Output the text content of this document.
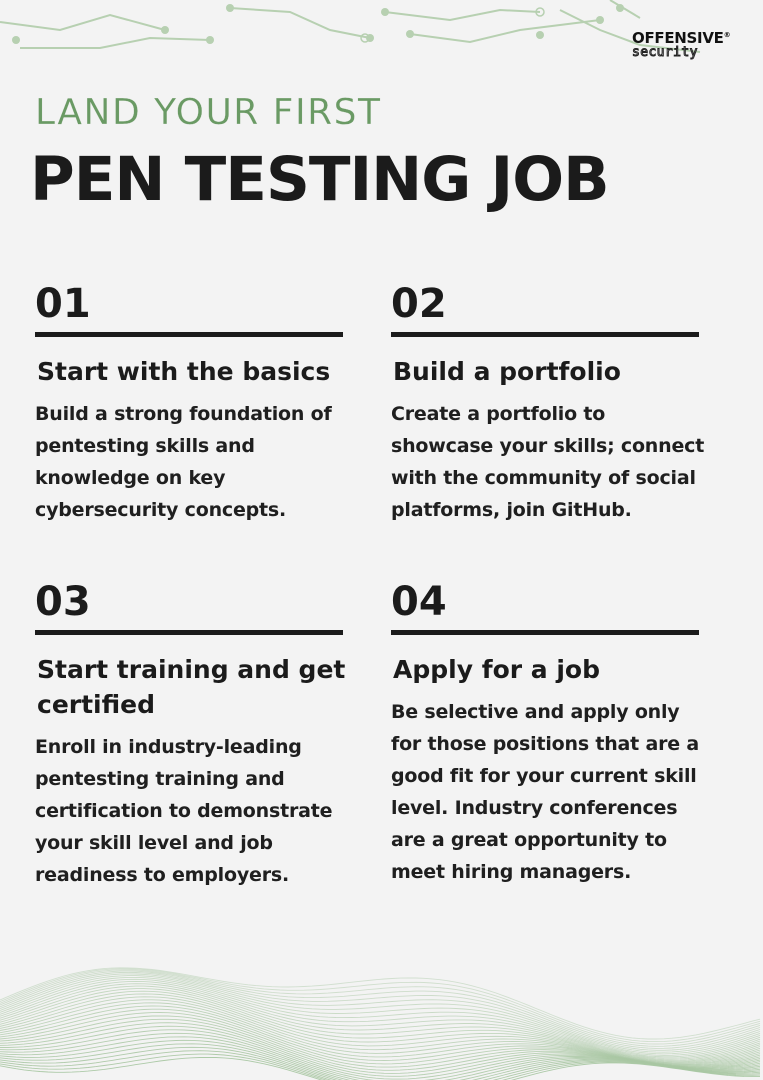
OFFENSIVE®
security
LAND YOUR FIRST
PEN TESTING JOB
01
Start with the basics
Build a strong foundation of pentesting skills and knowledge on key cybersecurity concepts.
02
Build a portfolio
Create a portfolio to showcase your skills; connect with the community of social platforms, join GitHub.
03
Start training and get certified
Enroll in industry-leading pentesting training and certification to demonstrate your skill level and job readiness to employers.
04
Apply for a job
Be selective and apply only for those positions that are a good fit for your current skill level. Industry conferences are a great opportunity to meet hiring managers.
